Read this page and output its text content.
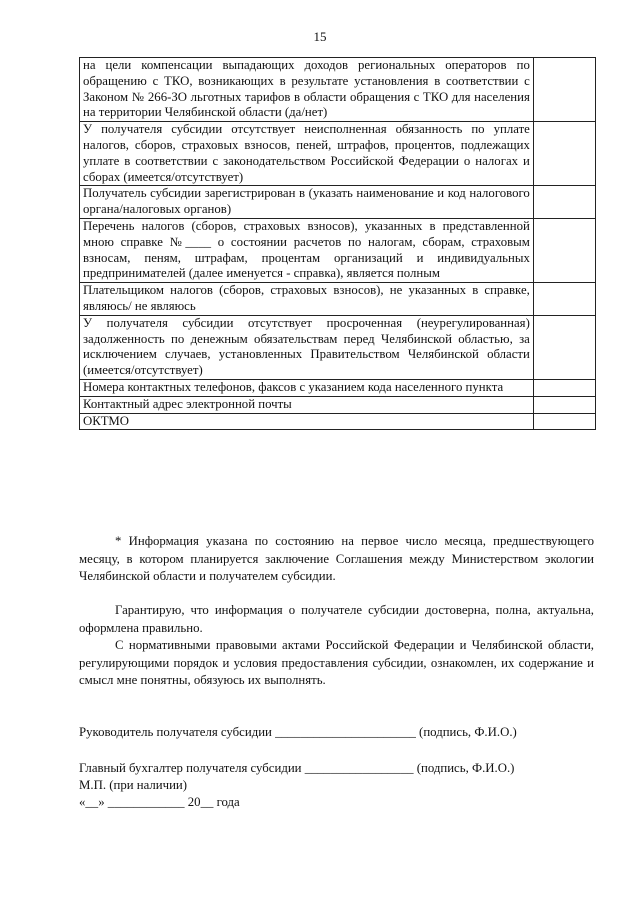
15
на цели компенсации выпадающих доходов региональных операторов по обращению с ТКО, возникающих в результате установления в соответствии с Законом № 266-ЗО льготных тарифов в области обращения с ТКО для населения на территории Челябинской области (да/нет)	
У получателя субсидии отсутствует неисполненная обязанность по уплате налогов, сборов, страховых взносов, пеней, штрафов, процентов, подлежащих уплате в соответствии с законодательством Российской Федерации о налогах и сборах (имеется/отсутствует)	
Получатель субсидии зарегистрирован в (указать наименование и код налогового органа/налоговых органов)	
Перечень налогов (сборов, страховых взносов), указанных в представленной мною справке №____ о состоянии расчетов по налогам, сборам, страховым взносам, пеням, штрафам, процентам организаций и индивидуальных предпринимателей (далее именуется - справка), является полным	
Плательщиком налогов (сборов, страховых взносов), не указанных в справке, являюсь/ не являюсь	
У получателя субсидии отсутствует просроченная (неурегулированная) задолженность по денежным обязательствам перед Челябинской областью, за исключением случаев, установленных Правительством Челябинской области (имеется/отсутствует)	
Номера контактных телефонов, факсов с указанием кода населенного пункта	
Контактный адрес электронной почты	
ОКТМО	

* Информация указана по состоянию на первое число месяца, предшествующего месяцу, в котором планируется заключение Соглашения между Министерством экологии Челябинской области и получателем субсидии.

Гарантирую, что информация о получателе субсидии достоверна, полна, актуальна, оформлена правильно.

С нормативными правовыми актами Российской Федерации и Челябинской области, регулирующими порядок и условия предоставления субсидии, ознакомлен, их содержание и смысл мне понятны, обязуюсь их выполнять.

Руководитель получателя субсидии ______________________ (подпись, Ф.И.О.)

Главный бухгалтер получателя субсидии _________________ (подпись, Ф.И.О.)

М.П. (при наличии)

«__» ____________ 20__ года
